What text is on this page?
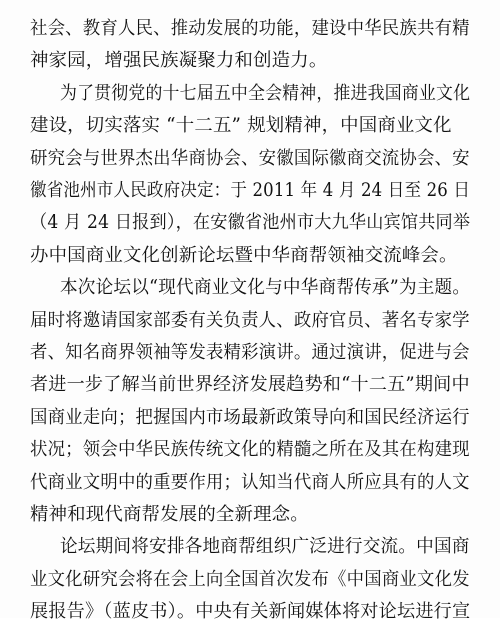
社会、教育人民、推动发展的功能，建设中华民族共有精
神家园，增强民族凝聚力和创造力。
为了贯彻党的十七届五中全会精神，推进我国商业文化
建设，切实落实 “十二五” 规划精神，中国商业文化
研究会与世界杰出华商协会、安徽国际徽商交流协会、安
徽省池州市人民政府决定：于 2011 年 4 月 24 日至 26 日
（4 月 24 日报到），在安徽省池州市大九华山宾馆共同举
办中国商业文化创新论坛暨中华商帮领袖交流峰会。
本次论坛以“现代商业文化与中华商帮传承”为主题。
届时将邀请国家部委有关负责人、政府官员、著名专家学
者、知名商界领袖等发表精彩演讲。通过演讲，促进与会
者进一步了解当前世界经济发展趋势和“十二五”期间中
国商业走向；把握国内市场最新政策导向和国民经济运行
状况；领会中华民族传统文化的精髓之所在及其在构建现
代商业文明中的重要作用；认知当代商人所应具有的人文
精神和现代商帮发展的全新理念。
论坛期间将安排各地商帮组织广泛进行交流。中国商
业文化研究会将在会上向全国首次发布《中国商业文化发
展报告》（蓝皮书）。中央有关新闻媒体将对论坛进行宣
